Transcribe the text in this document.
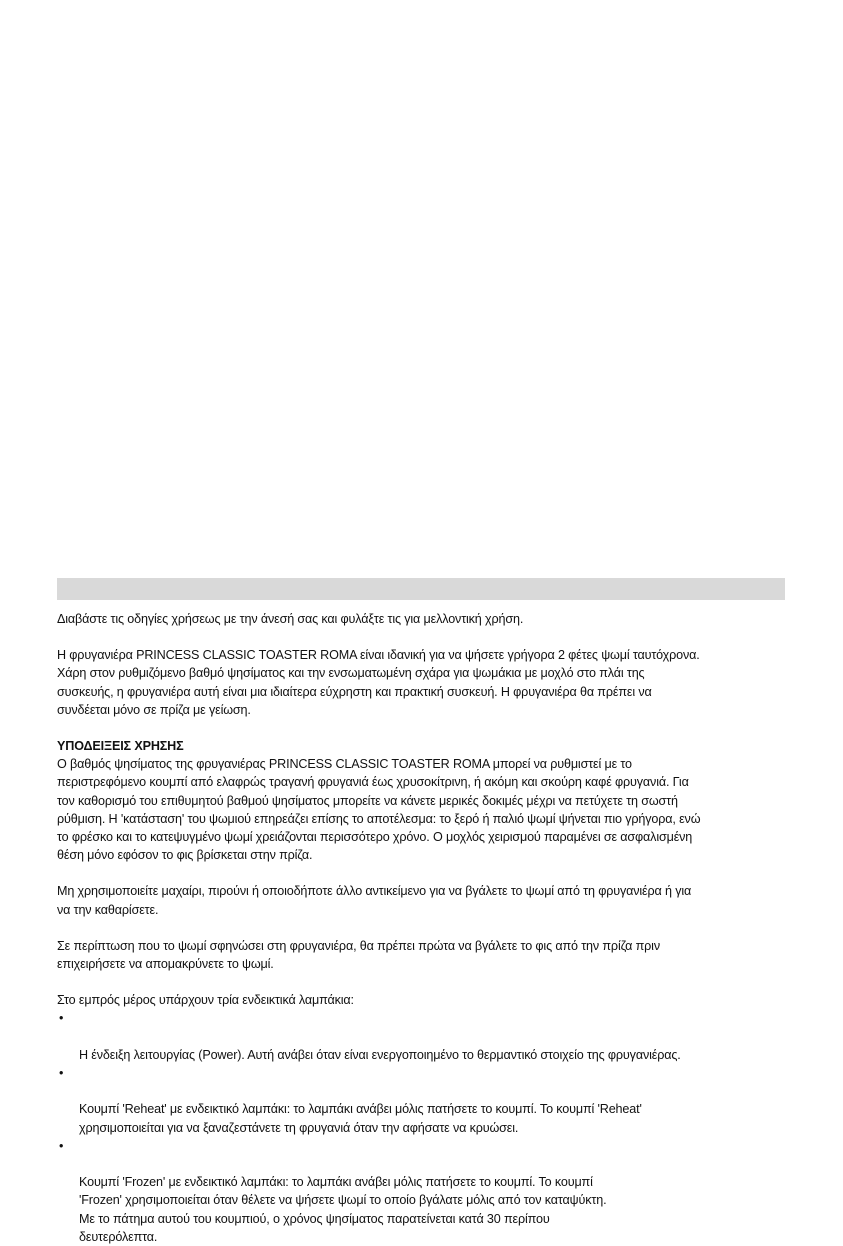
Διαβάστε τις οδηγίες χρήσεως με την άνεσή σας και φυλάξτε τις για μελλοντική χρήση.

Η φρυγανιέρα PRINCESS CLASSIC TOASTER ROMA είναι ιδανική για να ψήσετε γρήγορα 2 φέτες ψωμί ταυτόχρονα.
Χάρη στον ρυθμιζόμενο βαθμό ψησίματος και την ενσωματωμένη σχάρα για ψωμάκια με μοχλό στο πλάι της
συσκευής, η φρυγανιέρα αυτή είναι μια ιδιαίτερα εύχρηστη και πρακτική συσκευή. Η φρυγανιέρα θα πρέπει να
συνδέεται μόνο σε πρίζα με γείωση.

ΥΠΟΔΕΙΞΕΙΣ ΧΡΗΣΗΣ

Ο βαθμός ψησίματος της φρυγανιέρας PRINCESS CLASSIC TOASTER ROMA μπορεί να ρυθμιστεί με το
περιστρεφόμενο κουμπί από ελαφρώς τραγανή φρυγανιά έως χρυσοκίτρινη, ή ακόμη και σκούρη καφέ φρυγανιά. Για
τον καθορισμό του επιθυμητού βαθμού ψησίματος μπορείτε να κάνετε μερικές δοκιμές μέχρι να πετύχετε τη σωστή
ρύθμιση. Η 'κατάσταση' του ψωμιού επηρεάζει επίσης το αποτέλεσμα: το ξερό ή παλιό ψωμί ψήνεται πιο γρήγορα, ενώ
το φρέσκο και το κατεψυγμένο ψωμί χρειάζονται περισσότερο χρόνο. Ο μοχλός χειρισμού παραμένει σε ασφαλισμένη
θέση μόνο εφόσον το φις βρίσκεται στην πρίζα.

Μη χρησιμοποιείτε μαχαίρι, πιρούνι ή οποιοδήποτε άλλο αντικείμενο για να βγάλετε το ψωμί από τη φρυγανιέρα ή για
να την καθαρίσετε.

Σε περίπτωση που το ψωμί σφηνώσει στη φρυγανιέρα, θα πρέπει πρώτα να βγάλετε το φις από την πρίζα πριν
επιχειρήσετε να απομακρύνετε το ψωμί.

Στο εμπρός μέρος υπάρχουν τρία ενδεικτικά λαμπάκια:

•

Η ένδειξη λειτουργίας (Power). Αυτή ανάβει όταν είναι ενεργοποιημένο το θερμαντικό στοιχείο της φρυγανιέρας.

•

Κουμπί 'Reheat' με ενδεικτικό λαμπάκι: το λαμπάκι ανάβει μόλις πατήσετε το κουμπί. Το κουμπί 'Reheat'
χρησιμοποιείται για να ξαναζεστάνετε τη φρυγανιά όταν την αφήσατε να κρυώσει.

•

Κουμπί 'Frozen' με ενδεικτικό λαμπάκι: το λαμπάκι ανάβει μόλις πατήσετε το κουμπί. Το κουμπί
'Frozen' χρησιμοποιείται όταν θέλετε να ψήσετε ψωμί το οποίο βγάλατε μόλις από τον καταψύκτη.
Με το πάτημα αυτού του κουμπιού, ο χρόνος ψησίματος παρατείνεται κατά 30 περίπου
δευτερόλεπτα.
